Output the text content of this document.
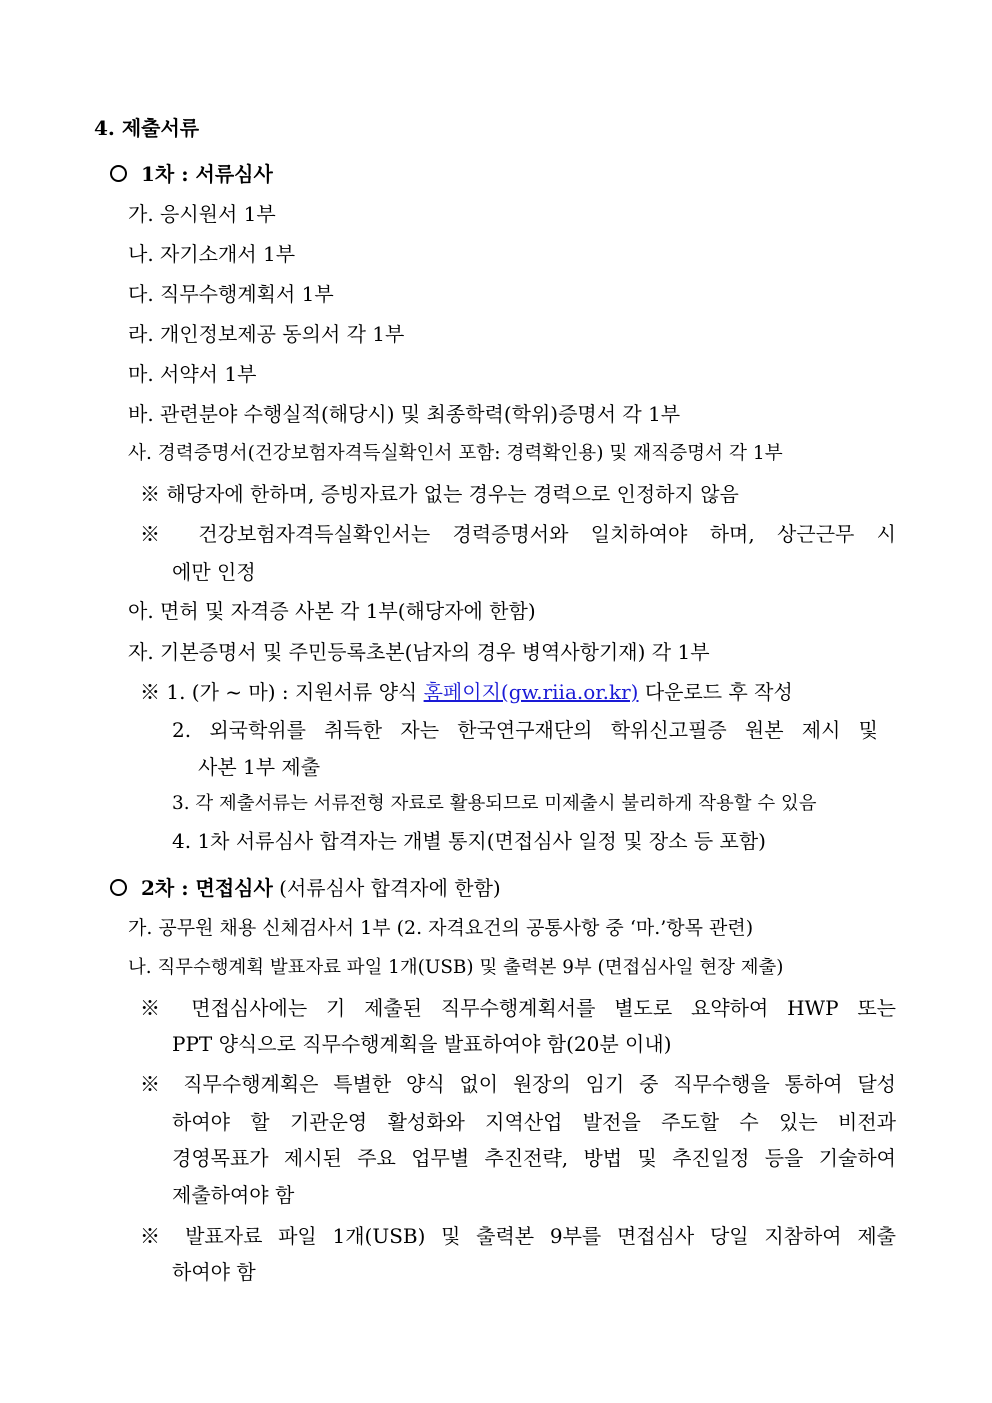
4. 제출서류
1차 : 서류심사
가. 응시원서 1부
나. 자기소개서 1부
다. 직무수행계획서 1부
라. 개인정보제공 동의서 각 1부
마. 서약서 1부
바. 관련분야 수행실적(해당시) 및 최종학력(학위)증명서 각 1부
사. 경력증명서(건강보험자격득실확인서 포함: 경력확인용) 및 재직증명서 각 1부
※ 해당자에 한하며, 증빙자료가 없는 경우는 경력으로 인정하지 않음
※ 건강보험자격득실확인서는 경력증명서와 일치하여야 하며, 상근근무 시
에만 인정
아. 면허 및 자격증 사본 각 1부(해당자에 한함)
자. 기본증명서 및 주민등록초본(남자의 경우 병역사항기재) 각 1부
※ 1. (가 ~ 마) : 지원서류 양식 홈페이지(gw.riia.or.kr) 다운로드 후 작성
2. 외국학위를 취득한 자는 한국연구재단의 학위신고필증 원본 제시 및
사본 1부 제출
3. 각 제출서류는 서류전형 자료로 활용되므로 미제출시 불리하게 작용할 수 있음
4. 1차 서류심사 합격자는 개별 통지(면접심사 일정 및 장소 등 포함)
2차 : 면접심사 (서류심사 합격자에 한함)
가. 공무원 채용 신체검사서 1부 (2. 자격요건의 공통사항 중 ‘마.’항목 관련)
나. 직무수행계획 발표자료 파일 1개(USB) 및 출력본 9부 (면접심사일 현장 제출)
※ 면접심사에는 기 제출된 직무수행계획서를 별도로 요약하여 HWP 또는
PPT 양식으로 직무수행계획을 발표하여야 함(20분 이내)
※ 직무수행계획은 특별한 양식 없이 원장의 임기 중 직무수행을 통하여 달성
하여야 할 기관운영 활성화와 지역산업 발전을 주도할 수 있는 비전과
경영목표가 제시된 주요 업무별 추진전략, 방법 및 추진일정 등을 기술하여
제출하여야 함
※ 발표자료 파일 1개(USB) 및 출력본 9부를 면접심사 당일 지참하여 제출
하여야 함
